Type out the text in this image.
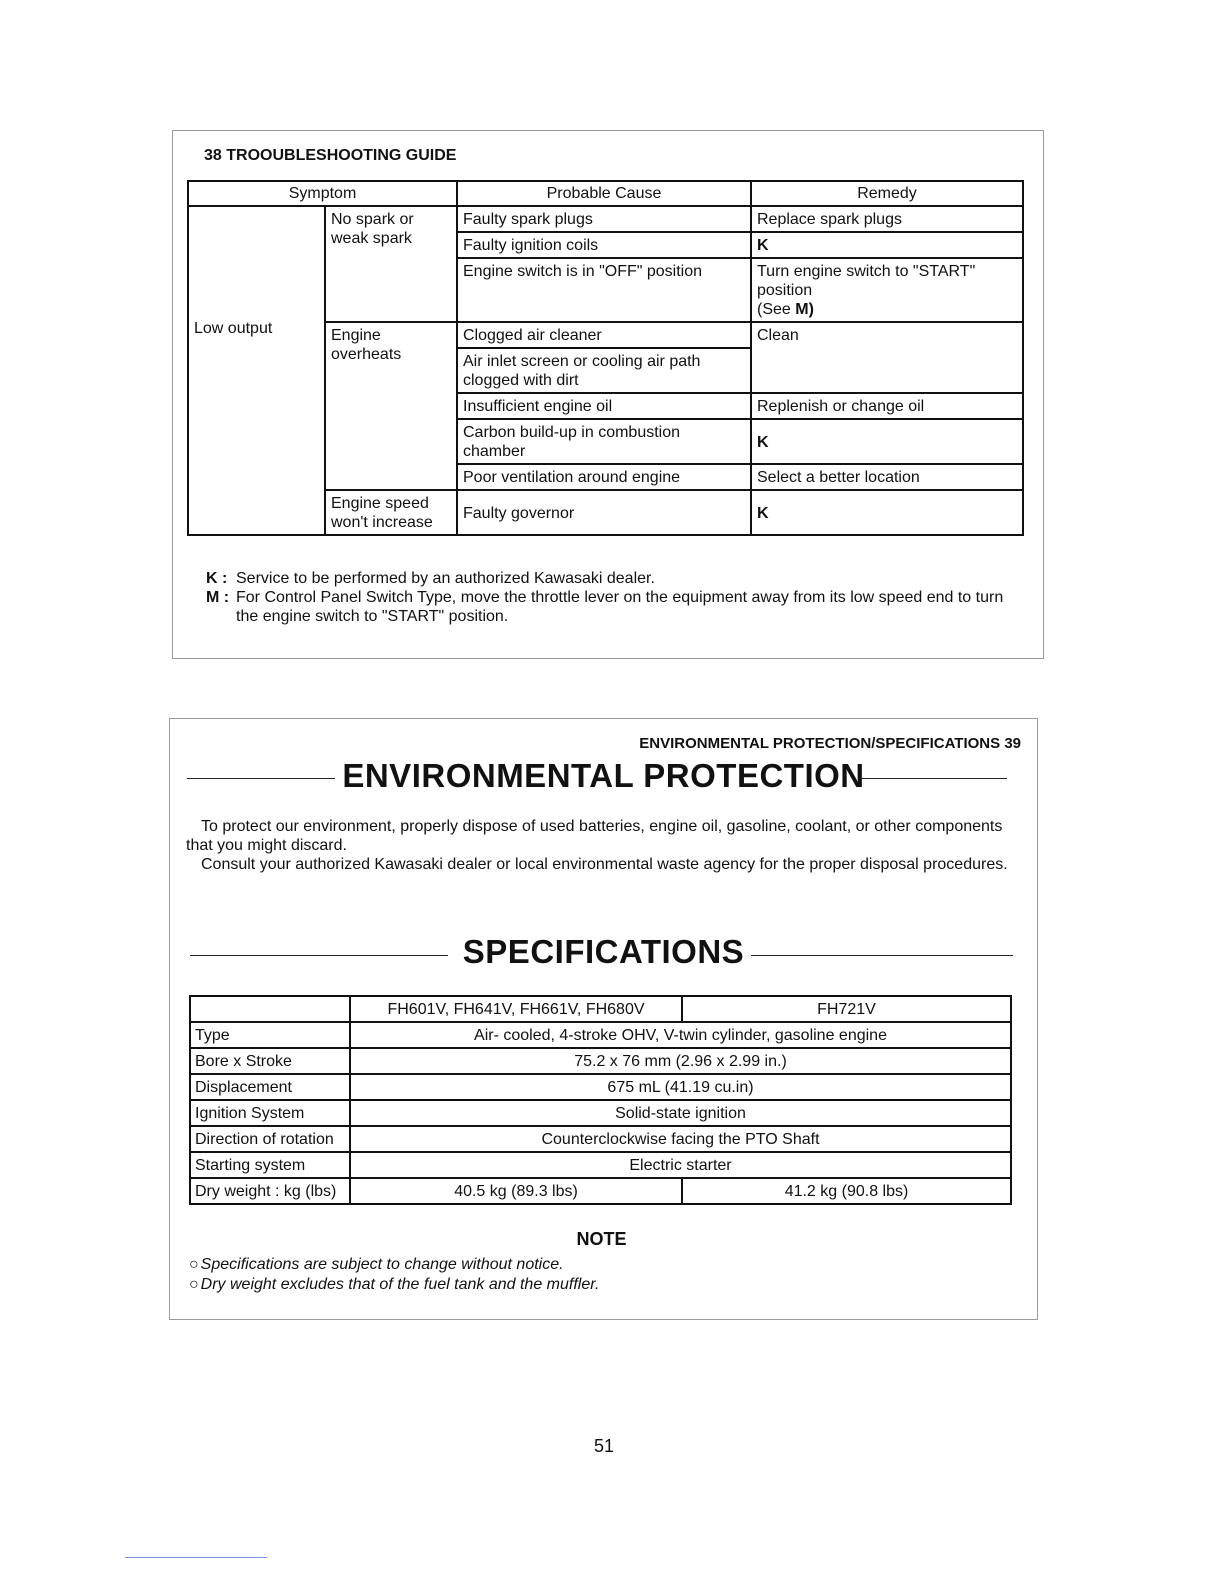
38 TROOUBLESHOOTING GUIDE
Symptom		Probable Cause	Remedy

Low output	No spark or weak spark	Faulty spark plugs	Replace spark plugs
		Faulty ignition coils	K
		Engine switch is in "OFF" position	Turn engine switch to "START" position
(See M)
	Engine overheats	Clogged air cleaner	Clean
		Air inlet screen or cooling air path clogged with dirt	
		Insufficient engine oil	Replenish or change oil
		Carbon build-up in combustion chamber	K
		Poor ventilation around engine	Select a better location
	Engine speed won't increase	Faulty governor	K
K : Service to be performed by an authorized Kawasaki dealer.
M : For Control Panel Switch Type, move the throttle lever on the equipment away from its low speed end to turn the engine switch to "START" position.
ENVIRONMENTAL PROTECTION/SPECIFICATIONS 39
ENVIRONMENTAL PROTECTION

To protect our environment, properly dispose of used batteries, engine oil, gasoline, coolant, or other components that you might discard.

Consult your authorized Kawasaki dealer or local environmental waste agency for the proper disposal procedures.

SPECIFICATIONS
	FH601V, FH641V, FH661V, FH680V	FH721V
Type	Air- cooled, 4-stroke OHV, V-twin cylinder, gasoline engine	
Bore x Stroke	75.2 x 76 mm (2.96 x 2.99 in.)	
Displacement	675 mL (41.19 cu.in)	
Ignition System	Solid-state ignition	
Direction of rotation	Counterclockwise facing the PTO Shaft	
Starting system	Electric starter	
Dry weight : kg (lbs)	40.5 kg (89.3 lbs)	41.2 kg (90.8 lbs)
NOTE
○ Specifications are subject to change without notice.
○ Dry weight excludes that of the fuel tank and the muffler.
51
